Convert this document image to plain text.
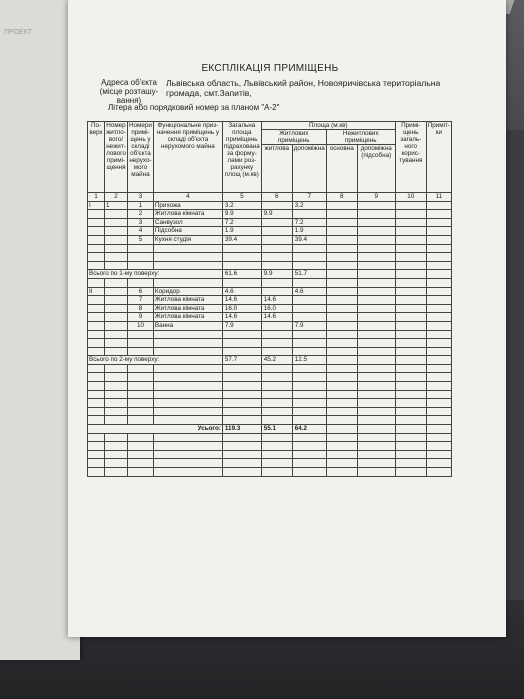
ПРОЕКТ
ЕКСПЛІКАЦІЯ ПРИМІЩЕНЬ
Адреса об'єкта (місце розташу-вання)
Львівська область, Львівський район, Новояричівська територіальна громада, смт.Запитів,
Літера або порядковий номер за планом "А-2"
По-верх	Номер житло-вого/ нежит-лового примі-щення	Номери примі-щень у складі об'єкта нерухо-мого майна	Функціональне приз-начення приміщень у складі об'єкта нерухомого майна	Загальна площа приміщень підрахована за форму-лами роз-рахунку площ (м.кв)	Площа (м.кв)				Примі-щень загаль-ного корис-тування	Приміт-ки
					Житлових приміщень		Нежитлових приміщень			
					житлова	допоміжна	основна	допоміжна (підсобна)		
1	2	3	4	5	6	7	8	9	10	11
I	1	1	Прихожа	3.2		3.2				
		2	Житлова кімната	9.9	9.9					
		3	Санвузол	7.2		7.2				
		4	Підсобна	1.9		1.9				
		5	Кухня студія	39.4		39.4				

Всього по 1-му поверху:				61.6	9.9	51.7				

II		6	Коридор	4.6		4.6				
		7	Житлова кімната	14.6	14.6					
		8	Житлова кімната	16.0	16.0					
		9	Житлова кімната	14.6	14.6					
		10	Ванна	7.9		7.9				

Всього по 2-му поверху:				57.7	45.2	12.5				

Усього:				119.3	55.1	64.2				
